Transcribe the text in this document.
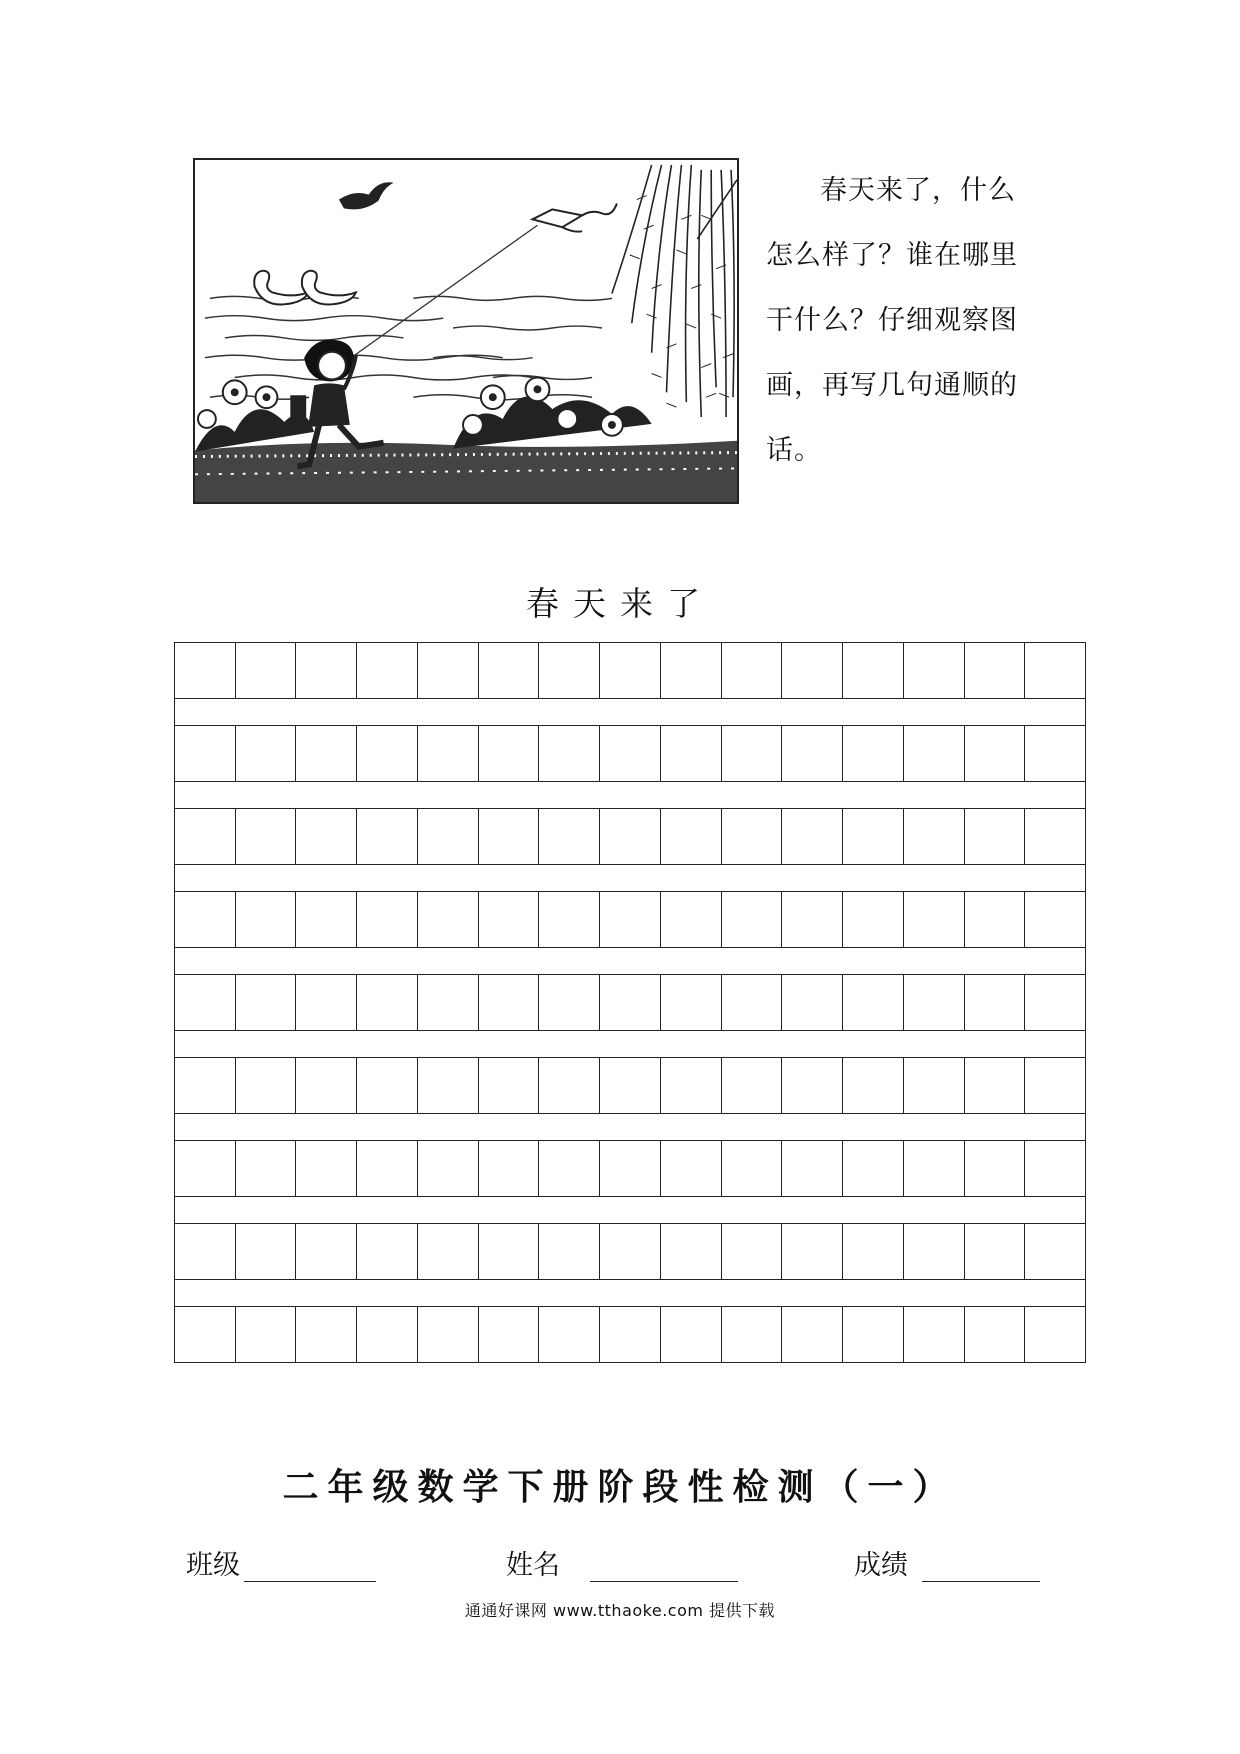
春天来了，什么
怎么样了？谁在哪里
干什么？仔细观察图
画，再写几句通顺的
话。
春天来了
二年级数学下册阶段性检测（一）
班级	姓名	成绩
通通好课网 www.tthaoke.com 提供下载
